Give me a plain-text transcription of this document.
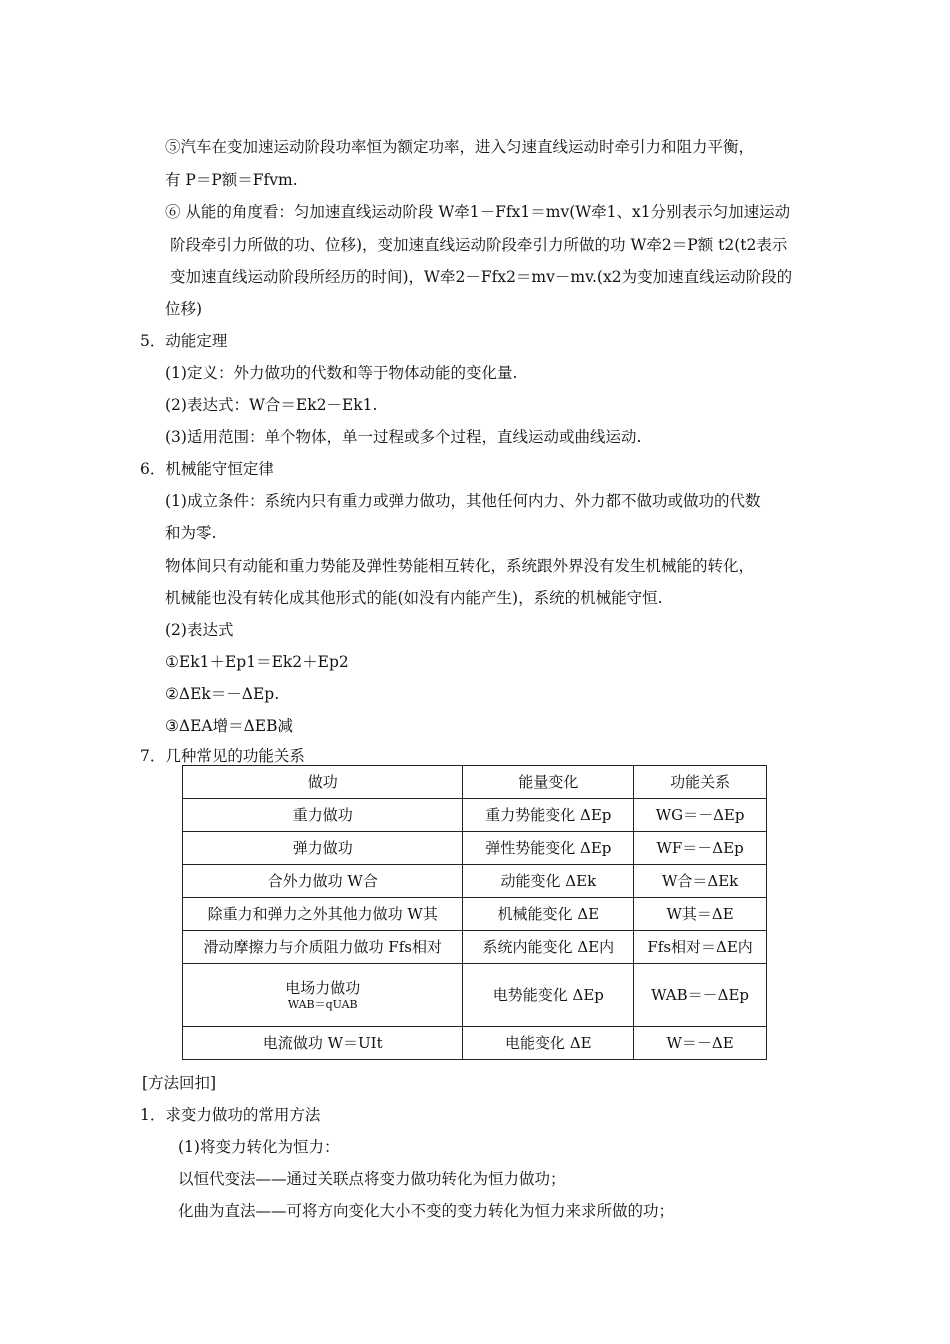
⑤汽车在变加速运动阶段功率恒为额定功率，进入匀速直线运动时牵引力和阻力平衡，
有 P＝P额＝Ffvm.
⑥ 从能的角度看：匀加速直线运动阶段 W牵1－Ffx1＝mv(W牵1、x1分别表示匀加速运动
阶段牵引力所做的功、位移)，变加速直线运动阶段牵引力所做的功 W牵2＝P额 t2(t2表示
变加速直线运动阶段所经历的时间)，W牵2－Ffx2＝mv－mv.(x2为变加速直线运动阶段的
位移)
5．动能定理
(1)定义：外力做功的代数和等于物体动能的变化量.
(2)表达式：W合＝Ek2－Ek1.
(3)适用范围：单个物体，单一过程或多个过程，直线运动或曲线运动.
6．机械能守恒定律
(1)成立条件：系统内只有重力或弹力做功，其他任何内力、外力都不做功或做功的代数
和为零.
物体间只有动能和重力势能及弹性势能相互转化，系统跟外界没有发生机械能的转化，
机械能也没有转化成其他形式的能(如没有内能产生)，系统的机械能守恒.
(2)表达式
①Ek1＋Ep1＝Ek2＋Ep2
②ΔEk＝－ΔEp.
③ΔEA增＝ΔEB减
7．几种常见的功能关系
做功	能量变化	功能关系
重力做功	重力势能变化 ΔEp	WG＝－ΔEp
弹力做功	弹性势能变化 ΔEp	WF＝－ΔEp
合外力做功 W合	动能变化 ΔEk	W合＝ΔEk
除重力和弹力之外其他力做功 W其	机械能变化 ΔE	W其＝ΔE
滑动摩擦力与介质阻力做功 Ffs相对	系统内能变化 ΔE内	Ffs相对＝ΔE内

电场力做功
WAB＝qUAB	电势能变化 ΔEp	WAB＝－ΔEp
电流做功 W＝UIt	电能变化 ΔE	W＝－ΔE
[方法回扣]
1．求变力做功的常用方法
(1)将变力转化为恒力：
以恒代变法——通过关联点将变力做功转化为恒力做功；
化曲为直法——可将方向变化大小不变的变力转化为恒力来求所做的功；
